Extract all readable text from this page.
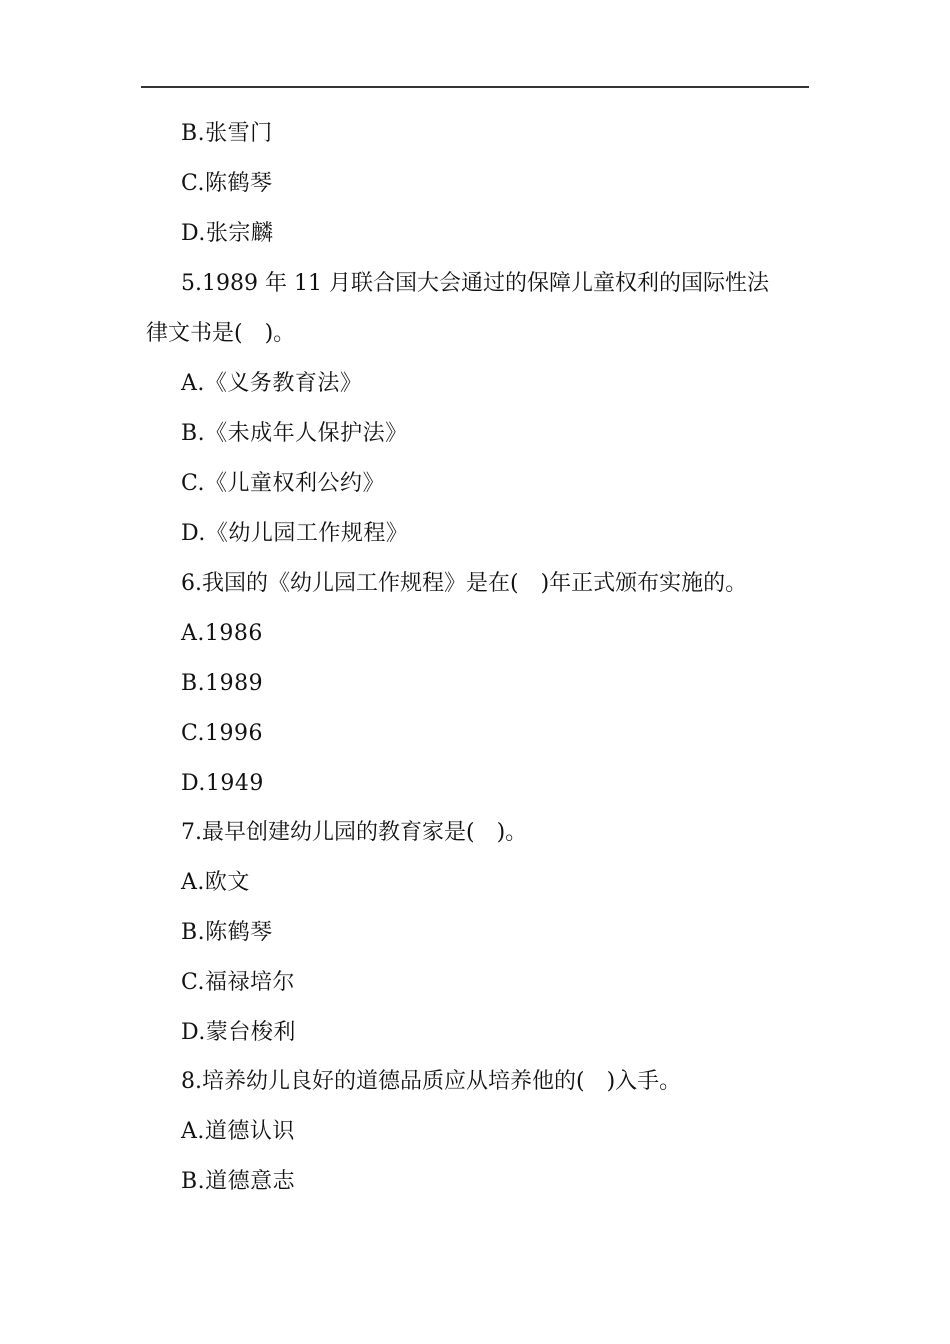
B.张雪门
C.陈鹤琴
D.张宗麟
5.1989 年 11 月联合国大会通过的保障儿童权利的国际性法
律文书是(　)。
A.《义务教育法》
B.《未成年人保护法》
C.《儿童权利公约》
D.《幼儿园工作规程》
6.我国的《幼儿园工作规程》是在(　)年正式颁布实施的。
A.1986
B.1989
C.1996
D.1949
7.最早创建幼儿园的教育家是(　)。
A.欧文
B.陈鹤琴
C.福禄培尔
D.蒙台梭利
8.培养幼儿良好的道德品质应从培养他的(　)入手。
A.道德认识
B.道德意志
